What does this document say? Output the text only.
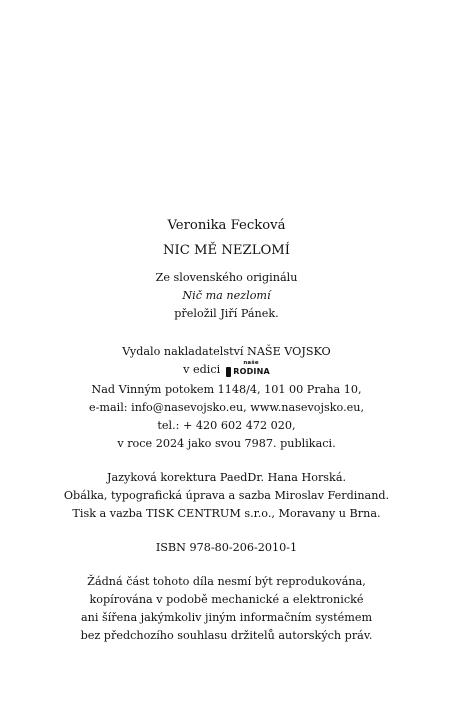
Veronika Fecková
NIC MĚ NEZLOMÍ
Ze slovenského originálu
Nič ma nezlomí
přeložil Jiří Pánek.
Vydalo nakladatelství NAŠE VOJSKO
v edici	naše
RODINA
Nad Vinným potokem 1148/4, 101 00 Praha 10,
e-mail: info@nasevojsko.eu, www.nasevojsko.eu,
tel.: + 420 602 472 020,
v roce 2024 jako svou 7987. publikaci.
Jazyková korektura PaedDr. Hana Horská.
Obálka, typografická úprava a sazba Miroslav Ferdinand.
Tisk a vazba TISK CENTRUM s.r.o., Moravany u Brna.
ISBN 978-80-206-2010-1
Žádná část tohoto díla nesmí být reprodukována,
kopírována v podobě mechanické a elektronické
ani šířena jakýmkoliv jiným informačním systémem
bez předchozího souhlasu držitelů autorských práv.
